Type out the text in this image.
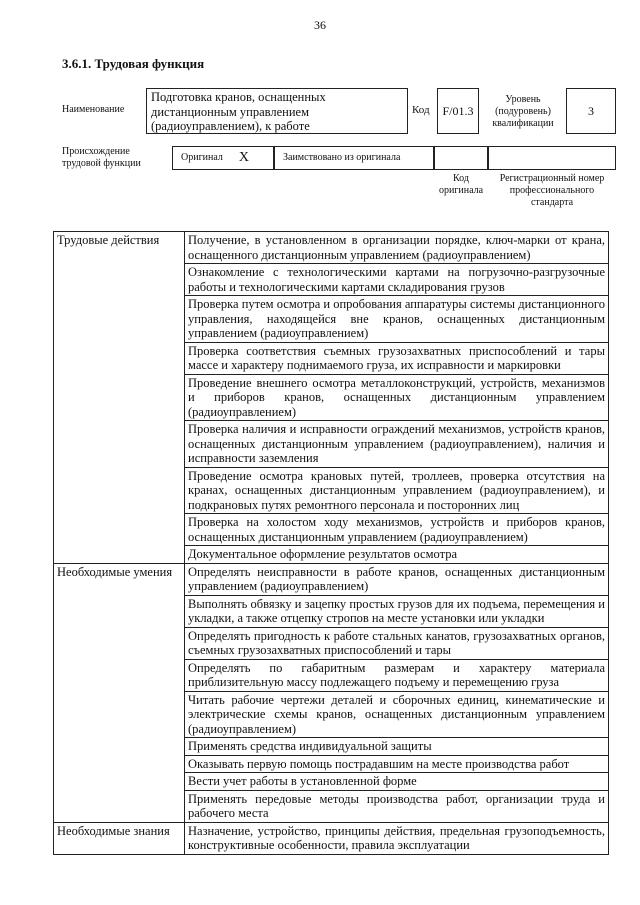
36
3.6.1. Трудовая функция
Наименование
Подготовка кранов, оснащенных дистанционным управлением (радиоуправлением), к работе
Код	F/01.3
Уровень (подуровень) квалификации
3
Происхождение трудовой функции
Оригинал X	Заимствовано из оригинала
Код оригинала
Регистрационный номер профессионального стандарта
Трудовые действия	Получение, в установленном в организации порядке, ключ-марки от крана, оснащенного дистанционным управлением (радиоуправлением)
	Ознакомление с технологическими картами на погрузочно-разгрузочные работы и технологическими картами складирования грузов
	Проверка путем осмотра и опробования аппаратуры системы дистанционного управления, находящейся вне кранов, оснащенных дистанционным управлением (радиоуправлением)
	Проверка соответствия съемных грузозахватных приспособлений и тары массе и характеру поднимаемого груза, их исправности и маркировки
	Проведение внешнего осмотра металлоконструкций, устройств, механизмов и приборов кранов, оснащенных дистанционным управлением (радиоуправлением)
	Проверка наличия и исправности ограждений механизмов, устройств кранов, оснащенных дистанционным управлением (радиоуправлением), наличия и исправности заземления
	Проведение осмотра крановых путей, троллеев, проверка отсутствия на кранах, оснащенных дистанционным управлением (радиоуправлением), и подкрановых путях ремонтного персонала и посторонних лиц
	Проверка на холостом ходу механизмов, устройств и приборов кранов, оснащенных дистанционным управлением (радиоуправлением)
	Документальное оформление результатов осмотра
Необходимые умения	Определять неисправности в работе кранов, оснащенных дистанционным управлением (радиоуправлением)
	Выполнять обвязку и зацепку простых грузов для их подъема, перемещения и укладки, а также отцепку стропов на месте установки или укладки
	Определять пригодность к работе стальных канатов, грузозахватных органов, съемных грузозахватных приспособлений и тары
	Определять по габаритным размерам и характеру материала приблизительную массу подлежащего подъему и перемещению груза
	Читать рабочие чертежи деталей и сборочных единиц, кинематические и электрические схемы кранов, оснащенных дистанционным управлением (радиоуправлением)
	Применять средства индивидуальной защиты
	Оказывать первую помощь пострадавшим на месте производства работ
	Вести учет работы в установленной форме
	Применять передовые методы производства работ, организации труда и рабочего места
Необходимые знания	Назначение, устройство, принципы действия, предельная грузоподъемность, конструктивные особенности, правила эксплуатации
